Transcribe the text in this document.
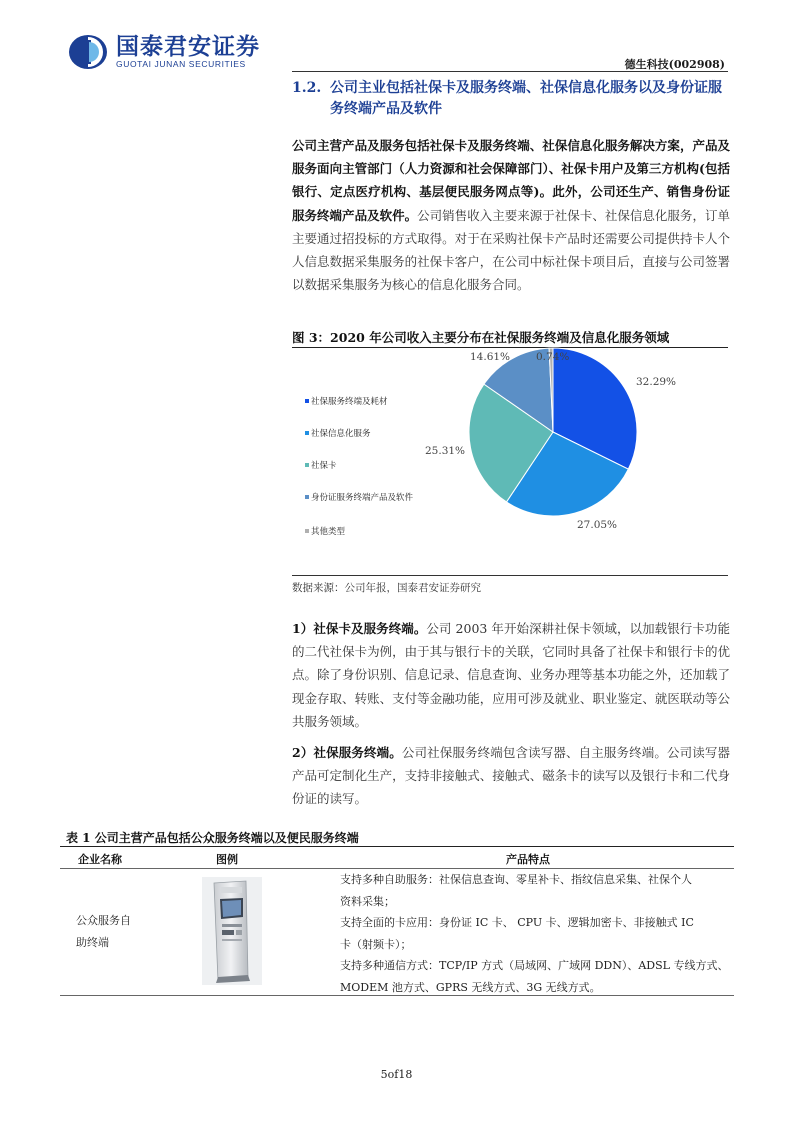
国泰君安证券
GUOTAI JUNAN SECURITIES	德生科技(002908)
1.2. 公司主业包括社保卡及服务终端、社保信息化服务以及身份证服务终端产品及软件
公司主营产品及服务包括社保卡及服务终端、社保信息化服务解决方案，产品及服务面向主管部门（人力资源和社会保障部门）、社保卡用户及第三方机构(包括银行、定点医疗机构、基层便民服务网点等)。此外，公司还生产、销售身份证服务终端产品及软件。公司销售收入主要来源于社保卡、社保信息化服务，订单主要通过招投标的方式取得。对于在采购社保卡产品时还需要公司提供持卡人个人信息数据采集服务的社保卡客户，在公司中标社保卡项目后，直接与公司签署以数据采集服务为核心的信息化服务合同。
图 3：2020 年公司收入主要分布在社保服务终端及信息化服务领域
社保服务终端及耗材
社保信息化服务
社保卡
身份证服务终端产品及软件
其他类型
32.29%
27.05%
25.31%
14.61% 0.74%
数据来源：公司年报，国泰君安证券研究
1）社保卡及服务终端。公司 2003 年开始深耕社保卡领域，以加载银行卡功能的二代社保卡为例，由于其与银行卡的关联，它同时具备了社保卡和银行卡的优点。除了身份识别、信息记录、信息查询、业务办理等基本功能之外，还加载了现金存取、转账、支付等金融功能，应用可涉及就业、职业鉴定、就医联动等公共服务领域。
2）社保服务终端。公司社保服务终端包含读写器、自主服务终端。公司读写器产品可定制化生产，支持非接触式、接触式、磁条卡的读写以及银行卡和二代身份证的读写。
表 1 公司主营产品包括公众服务终端以及便民服务终端
企业名称	图例	产品特点
公众服务自
助终端
支持多种自助服务：社保信息查询、零星补卡、指纹信息采集、社保个人
资料采集；
支持全面的卡应用：身份证 IC 卡、 CPU 卡、逻辑加密卡、非接触式 IC
卡（射频卡）；
支持多种通信方式：TCP/IP 方式（局域网、广域网 DDN）、ADSL 专线方式、
MODEM 池方式、GPRS 无线方式、3G 无线方式。
5of18
